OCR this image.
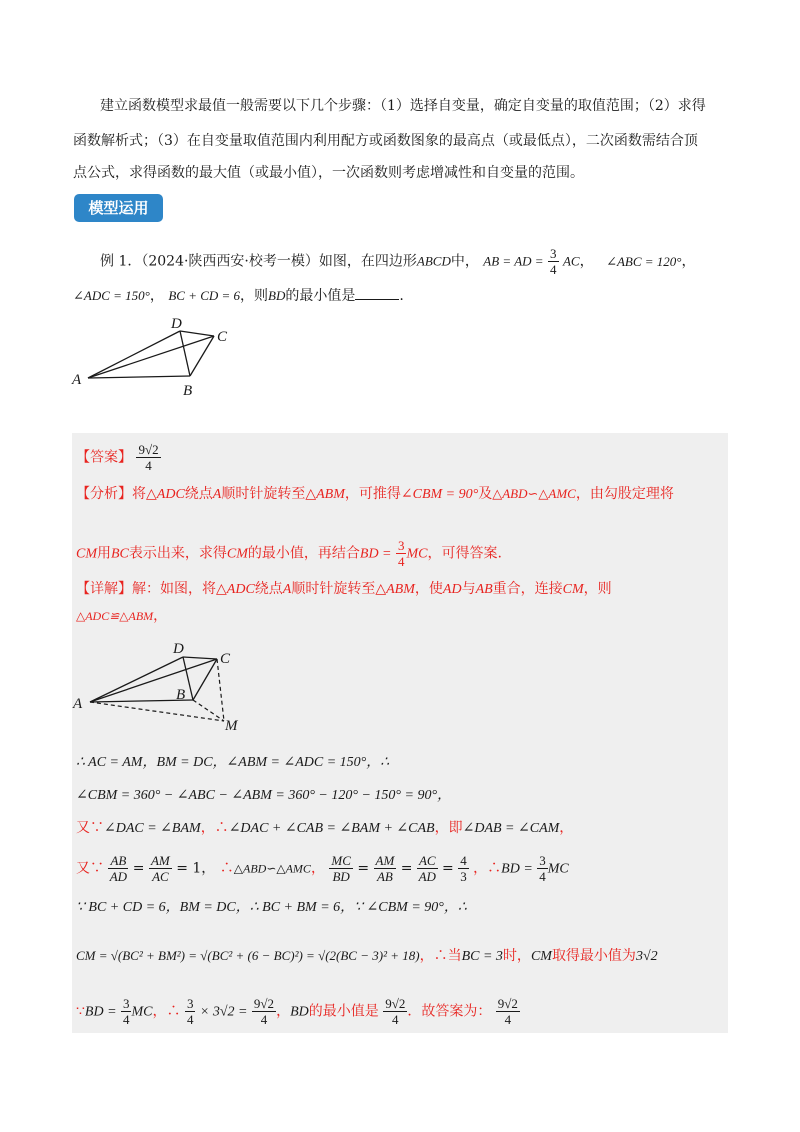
建立函数模型求最值一般需要以下几个步骤：（1）选择自变量，确定自变量的取值范围；（2）求得
函数解析式；（3）在自变量取值范围内利用配方或函数图象的最高点（或最低点），二次函数需结合顶
点公式，求得函数的最大值（或最小值），一次函数则考虑增减性和自变量的范围。
模型运用
例 1．（2024·陕西西安·校考一模）如图，在四边形ABCD中， AB = AD = $\frac{3}{4}$ AC， ∠ABC = 120°，
∠ADC = 150°， BC + CD = 6，则BD的最小值是	.
A
D
C
B
【答案】 $\frac{9√2}{4}$
【分析】将△ADC绕点A顺时针旋转至△ABM，可推得∠CBM = 90°及△ABD∽△AMC，由勾股定理将
CM用BC表示出来，求得CM的最小值，再结合BD = $\frac{3}{4}$ MC，可得答案.
【详解】解：如图，将△ADC绕点A顺时针旋转至△ABM，使AD与AB重合，连接CM，则
△ADC≌△ABM，
A
D
C
B
M
∴ AC = AM，BM = DC，∠ABM = ∠ADC = 150°，∴
∠CBM = 360° − ∠ABC − ∠ABM = 360° − 120° − 150° = 90°，
又∵∠DAC = ∠BAM，∴∠DAC + ∠CAB = ∠BAM + ∠CAB，即∠DAB = ∠CAM，
又∵ $\frac{AB}{AD} = \frac{AM}{AC} = 1$， ∴△ABD∽△AMC， $\frac{MC}{BD} = \frac{AM}{AB} = \frac{AC}{AD} = \frac{4}{3}$ ，∴BD = $\frac{3}{4}$ MC
∵ BC + CD = 6，BM = DC，∴ BC + BM = 6，∵ ∠CBM = 90°，∴
CM = √(BC² + BM²) = √(BC² + (6 − BC)²) = √(2(BC − 3)² + 18)，∴当BC = 3时，CM取得最小值为3√2
∵BD = $\frac{3}{4}$ MC，∴ $\frac{3}{4} \times 3√2 = \frac{9√2}{4}$ ，BD的最小值是 $\frac{9√2}{4}$ ．故答案为： $\frac{9√2}{4}$
